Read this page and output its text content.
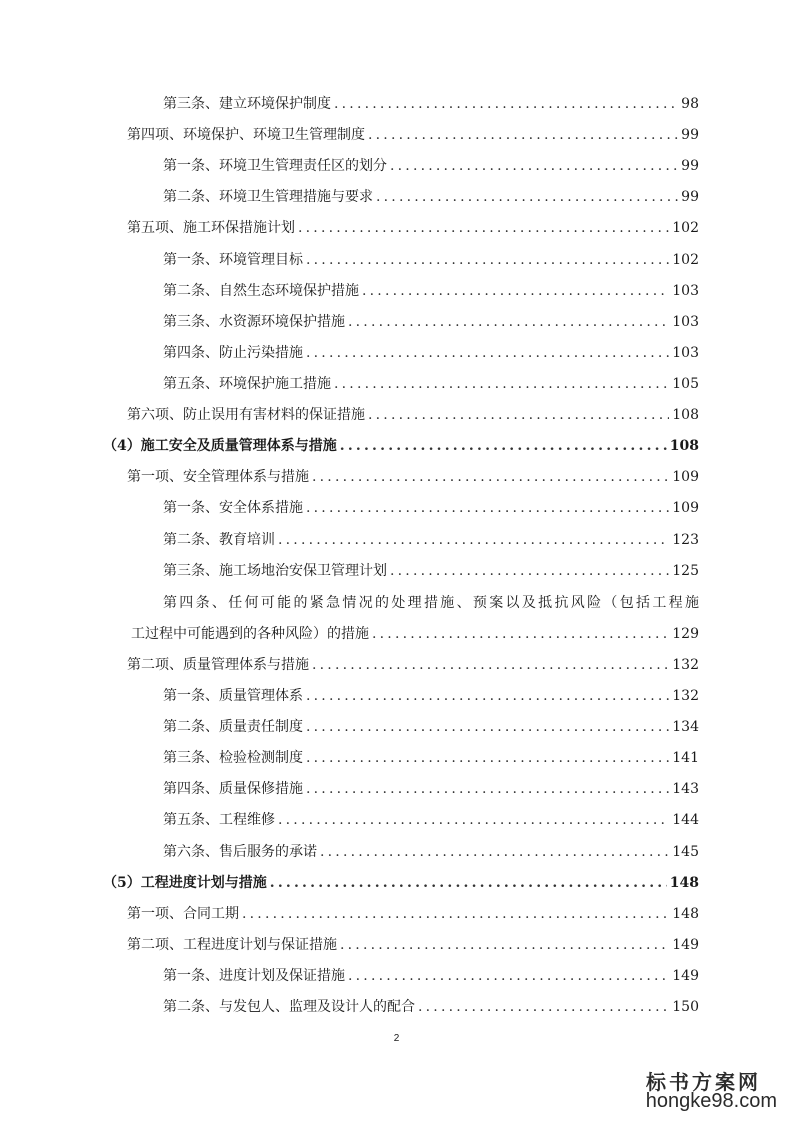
第三条、建立环境保护制度 .....	98
第四项、环境保护、环境卫生管理制度 .....	99
第一条、环境卫生管理责任区的划分 .....	99
第二条、环境卫生管理措施与要求 .....	99
第五项、施工环保措施计划 .....	102
第一条、环境管理目标 .....	102
第二条、自然生态环境保护措施 .....	103
第三条、水资源环境保护措施 .....	103
第四条、防止污染措施 .....	103
第五条、环境保护施工措施 .....	105
第六项、防止误用有害材料的保证措施 .....	108
（4）施工安全及质量管理体系与措施 .....	108
第一项、安全管理体系与措施 .....	109
第一条、安全体系措施 .....	109
第二条、教育培训 .....	123
第三条、施工场地治安保卫管理计划 .....	125
第四条、任何可能的紧急情况的处理措施、预案以及抵抗风险（包括工程施
工过程中可能遇到的各种风险）的措施 .....	129
第二项、质量管理体系与措施 .....	132
第一条、质量管理体系 .....	132
第二条、质量责任制度 .....	134
第三条、检验检测制度 .....	141
第四条、质量保修措施 .....	143
第五条、工程维修 .....	144
第六条、售后服务的承诺 .....	145
（5）工程进度计划与措施 .....	148
第一项、合同工期 .....	148
第二项、工程进度计划与保证措施 .....	149
第一条、进度计划及保证措施 .....	149
第二条、与发包人、监理及设计人的配合 .....	150
2
标书方案网
hongke98.com
